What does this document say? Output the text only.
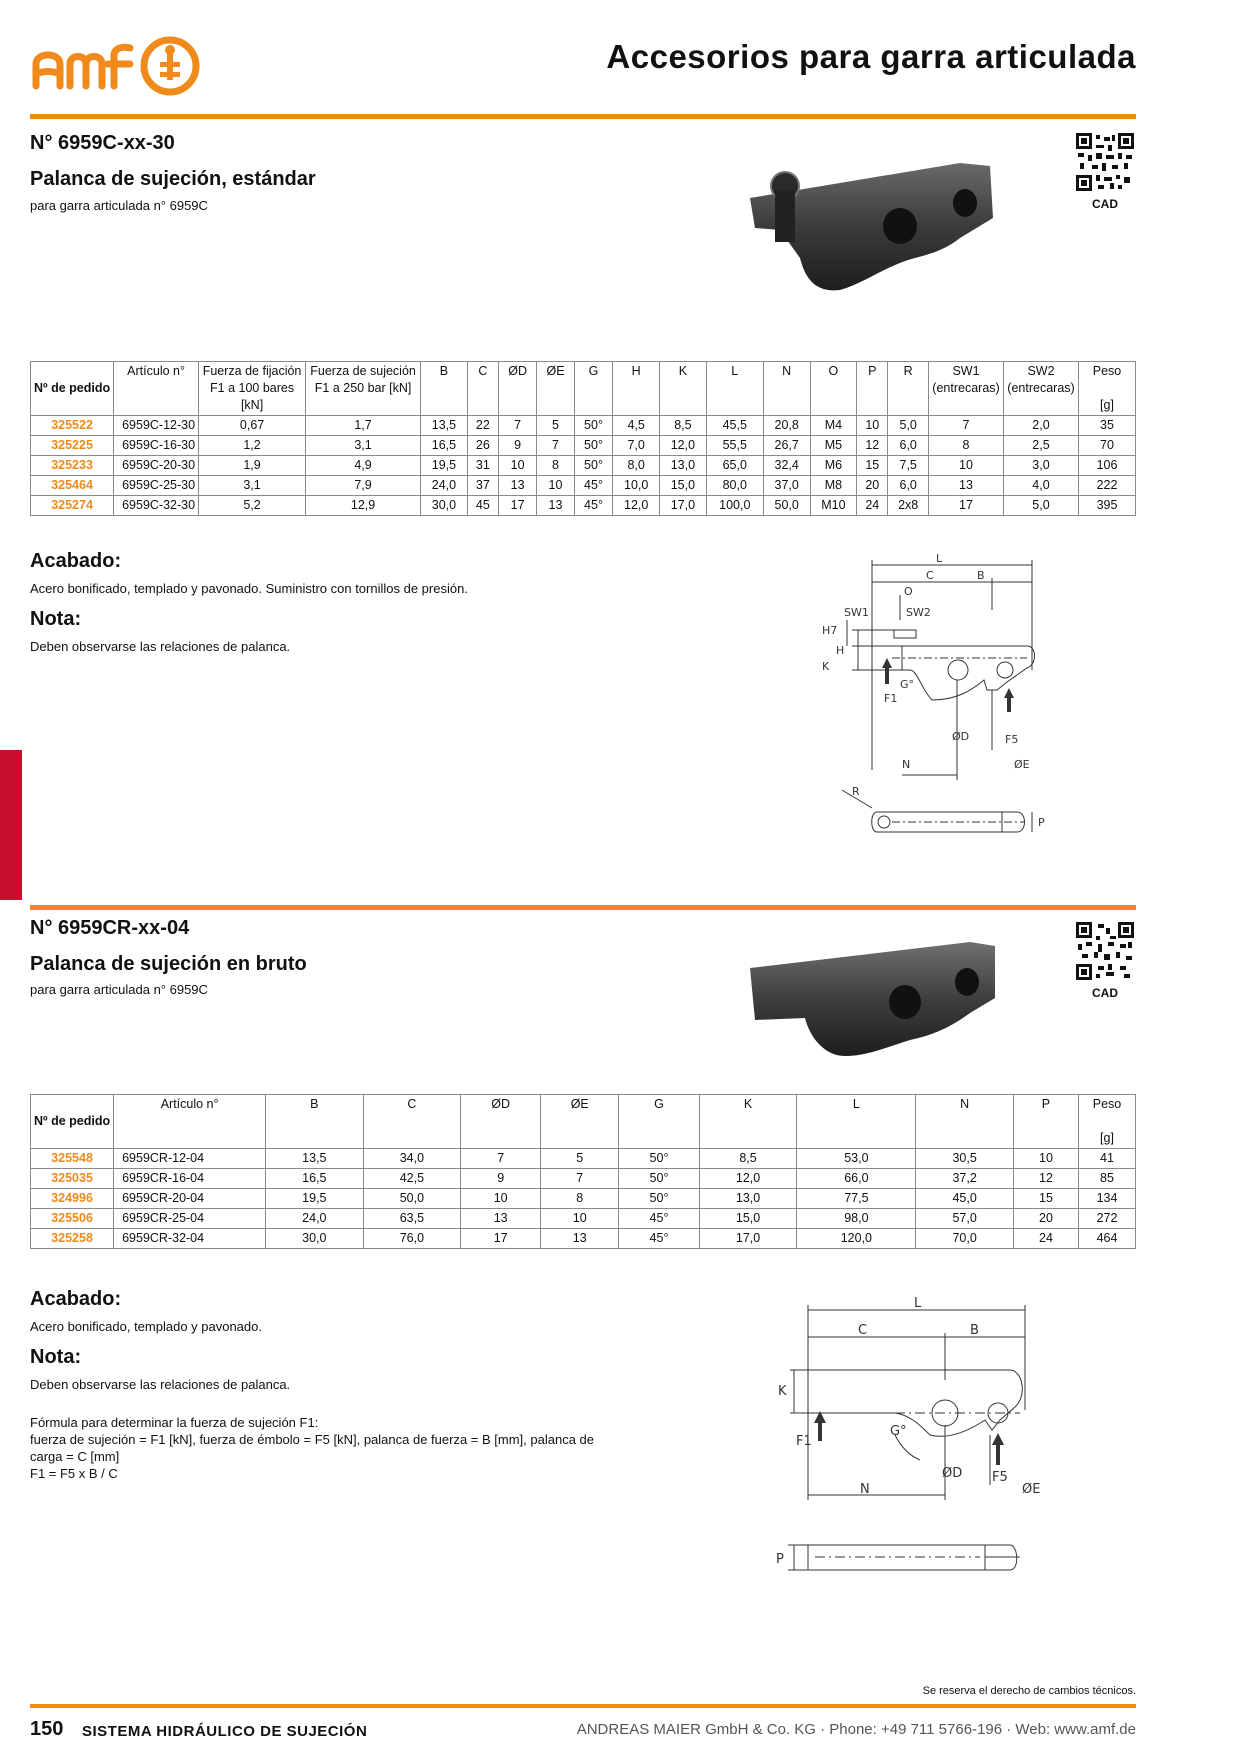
Accesorios para garra articulada
N° 6959C-xx-30
Palanca de sujeción, estándar
para garra articulada n° 6959C	CAD
Nº de pedido	Artículo n°	Fuerza de fijación F1 a 100 bares [kN]	Fuerza de sujeción F1 a 250 bar [kN]	B	C	ØD	ØE	G	H	K	L	N	O	P	R	SW1 (entrecaras)	SW2 (entrecaras)	Peso
[g]

325522	6959C-12-30	0,67	1,7	13,5	22	7	5	50°	4,5	8,5	45,5	20,8	M4	10	5,0	7	2,0	35
325225	6959C-16-30	1,2	3,1	16,5	26	9	7	50°	7,0	12,0	55,5	26,7	M5	12	6,0	8	2,5	70
325233	6959C-20-30	1,9	4,9	19,5	31	10	8	50°	8,0	13,0	65,0	32,4	M6	15	7,5	10	3,0	106
325464	6959C-25-30	3,1	7,9	24,0	37	13	10	45°	10,0	15,0	80,0	37,0	M8	20	6,0	13	4,0	222
325274	6959C-32-30	5,2	12,9	30,0	45	17	13	45°	12,0	17,0	100,0	50,0	M10	24	2x8	17	5,0	395
Acabado:
Acero bonificado, templado y pavonado. Suministro con tornillos de presión.
Nota:
Deben observarse las relaciones de palanca.
L
C	B
O
SW1	SW2
H7
H
K
G°
F1
ØD	F5
N	ØE
R
P
N° 6959CR-xx-04
Palanca de sujeción en bruto
para garra articulada n° 6959C	CAD
Nº de pedido	Artículo n°	B	C	ØD	ØE	G	K	L	N	P	Peso
[g]

325548	6959CR-12-04	13,5	34,0	7	5	50°	8,5	53,0	30,5	10	41
325035	6959CR-16-04	16,5	42,5	9	7	50°	12,0	66,0	37,2	12	85
324996	6959CR-20-04	19,5	50,0	10	8	50°	13,0	77,5	45,0	15	134
325506	6959CR-25-04	24,0	63,5	13	10	45°	15,0	98,0	57,0	20	272
325258	6959CR-32-04	30,0	76,0	17	13	45°	17,0	120,0	70,0	24	464
Acabado:
Acero bonificado, templado y pavonado.
Nota:
Deben observarse las relaciones de palanca.
Fórmula para determinar la fuerza de sujeción F1:
fuerza de sujeción = F1 [kN], fuerza de émbolo = F5 [kN], palanca de fuerza = B [mm], palanca de
carga = C [mm]
F1 = F5 x B / C
L
C	B
K
G°
F1
ØD F5
N	ØE
P
Se reserva el derecho de cambios técnicos.
150 SISTEMA HIDRÁULICO DE SUJECIÓN	ANDREAS MAIER GmbH & Co. KG · Phone: +49 711 5766-196 · Web: www.amf.de
